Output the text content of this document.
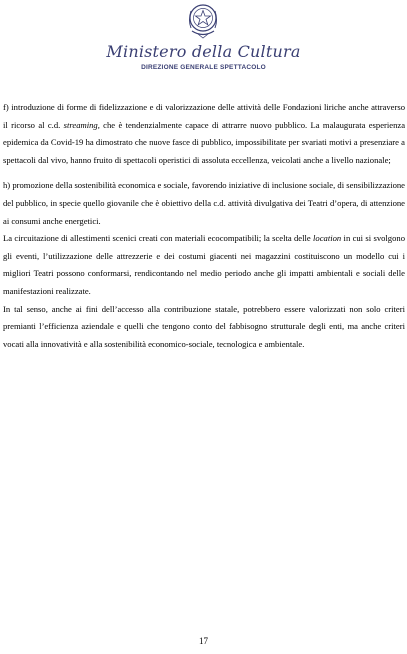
Ministero della Cultura
DIREZIONE GENERALE SPETTACOLO

f) introduzione di forme di fidelizzazione e di valorizzazione delle attività delle Fondazioni liriche anche attraverso il ricorso al c.d. streaming, che è tendenzialmente capace di attrarre nuovo pubblico. La malaugurata esperienza epidemica da Covid-19 ha dimostrato che nuove fasce di pubblico, impossibilitate per svariati motivi a presenziare a spettacoli dal vivo, hanno fruito di spettacoli operistici di assoluta eccellenza, veicolati anche a livello nazionale;

h) promozione della sostenibilità economica e sociale, favorendo iniziative di inclusione sociale, di sensibilizzazione del pubblico, in specie quello giovanile che è obiettivo della c.d. attività divulgativa dei Teatri d’opera, di attenzione ai consumi anche energetici.

La circuitazione di allestimenti scenici creati con materiali ecocompatibili; la scelta delle location in cui si svolgono gli eventi, l’utilizzazione delle attrezzerie e dei costumi giacenti nei magazzini costituiscono un modello cui i migliori Teatri possono conformarsi, rendicontando nel medio periodo anche gli impatti ambientali e sociali delle manifestazioni realizzate.

In tal senso, anche ai fini dell’accesso alla contribuzione statale, potrebbero essere valorizzati non solo criteri premianti l’efficienza aziendale e quelli che tengono conto del fabbisogno strutturale degli enti, ma anche criteri vocati alla innovatività e alla sostenibilità economico-sociale, tecnologica e ambientale.

17
